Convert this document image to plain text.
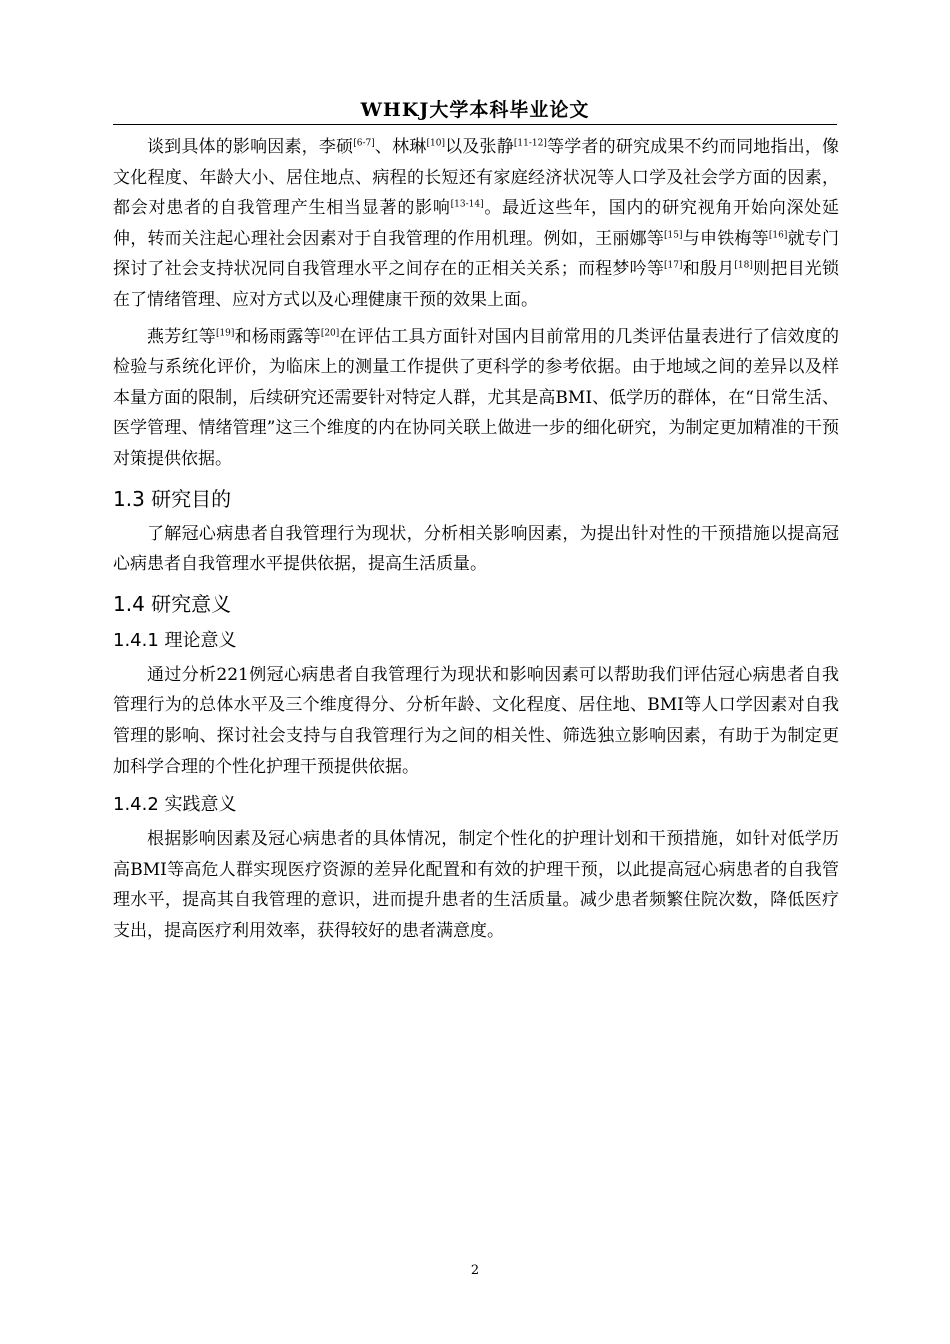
WHKJ大学本科毕业论文

谈到具体的影响因素，李硕[6-7]、林琳[10]以及张静[11-12]等学者的研究成果不约而同地指出，像文化程度、年龄大小、居住地点、病程的长短还有家庭经济状况等人口学及社会学方面的因素，都会对患者的自我管理产生相当显著的影响[13-14]。最近这些年，国内的研究视角开始向深处延伸，转而关注起心理社会因素对于自我管理的作用机理。例如，王丽娜等[15]与申铁梅等[16]就专门探讨了社会支持状况同自我管理水平之间存在的正相关关系；而程梦吟等[17]和殷月[18]则把目光锁在了情绪管理、应对方式以及心理健康干预的效果上面。

燕芳红等[19]和杨雨露等[20]在评估工具方面针对国内目前常用的几类评估量表进行了信效度的检验与系统化评价，为临床上的测量工作提供了更科学的参考依据。由于地域之间的差异以及样本量方面的限制，后续研究还需要针对特定人群，尤其是高BMI、低学历的群体，在“日常生活、医学管理、情绪管理”这三个维度的内在协同关联上做进一步的细化研究，为制定更加精准的干预对策提供依据。

1.3 研究目的

了解冠心病患者自我管理行为现状，分析相关影响因素，为提出针对性的干预措施以提高冠心病患者自我管理水平提供依据，提高生活质量。

1.4 研究意义
1.4.1 理论意义

通过分析221例冠心病患者自我管理行为现状和影响因素可以帮助我们评估冠心病患者自我管理行为的总体水平及三个维度得分、分析年龄、文化程度、居住地、BMI等人口学因素对自我管理的影响、探讨社会支持与自我管理行为之间的相关性、筛选独立影响因素，有助于为制定更加科学合理的个性化护理干预提供依据。

1.4.2 实践意义

根据影响因素及冠心病患者的具体情况，制定个性化的护理计划和干预措施，如针对低学历高BMI等高危人群实现医疗资源的差异化配置和有效的护理干预，以此提高冠心病患者的自我管理水平，提高其自我管理的意识，进而提升患者的生活质量。减少患者频繁住院次数，降低医疗支出，提高医疗利用效率，获得较好的患者满意度。

2
